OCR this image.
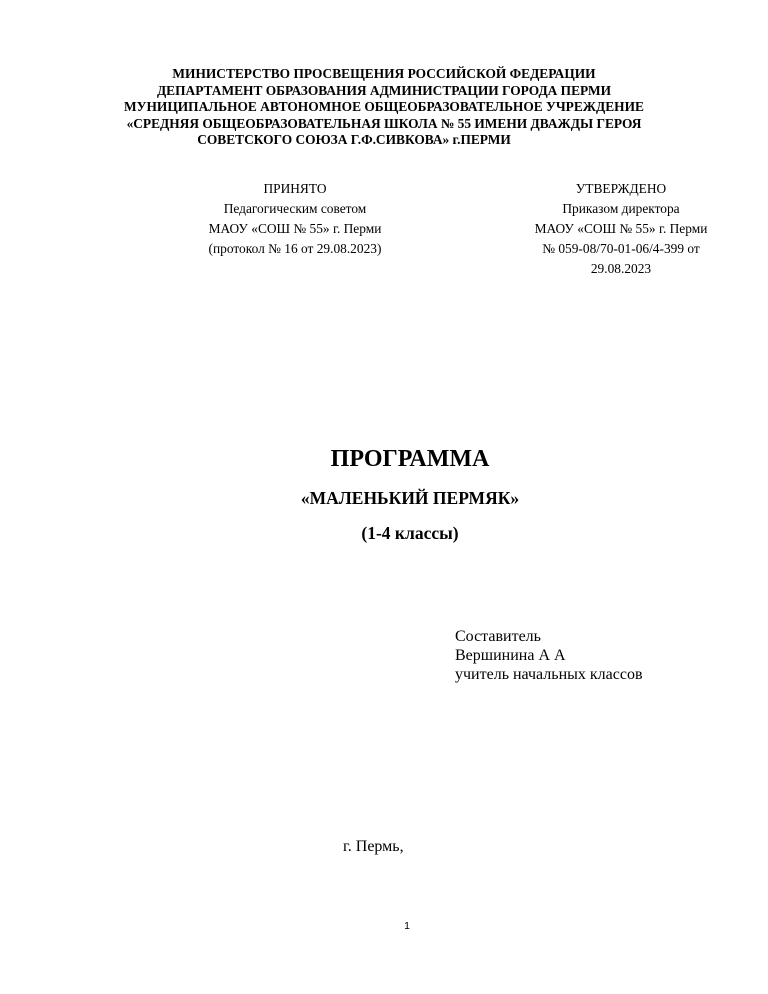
МИНИСТЕРСТВО ПРОСВЕЩЕНИЯ РОССИЙСКОЙ ФЕДЕРАЦИИ
ДЕПАРТАМЕНТ ОБРАЗОВАНИЯ АДМИНИСТРАЦИИ ГОРОДА ПЕРМИ
МУНИЦИПАЛЬНОЕ АВТОНОМНОЕ ОБЩЕОБРАЗОВАТЕЛЬНОЕ УЧРЕЖДЕНИЕ
«СРЕДНЯЯ ОБЩЕОБРАЗОВАТЕЛЬНАЯ ШКОЛА № 55 ИМЕНИ ДВАЖДЫ ГЕРОЯ
СОВЕТСКОГО СОЮЗА Г.Ф.СИВКОВА» г.ПЕРМИ
ПРИНЯТО
Педагогическим советом
МАОУ «СОШ № 55» г. Перми
(протокол № 16 от 29.08.2023)
УТВЕРЖДЕНО
Приказом директора
МАОУ «СОШ № 55» г. Перми
№ 059-08/70-01-06/4-399 от
29.08.2023
ПРОГРАММА
«МАЛЕНЬКИЙ ПЕРМЯК»
(1-4 классы)
Составитель
Вершинина А А
учитель начальных классов
г. Пермь,
1
